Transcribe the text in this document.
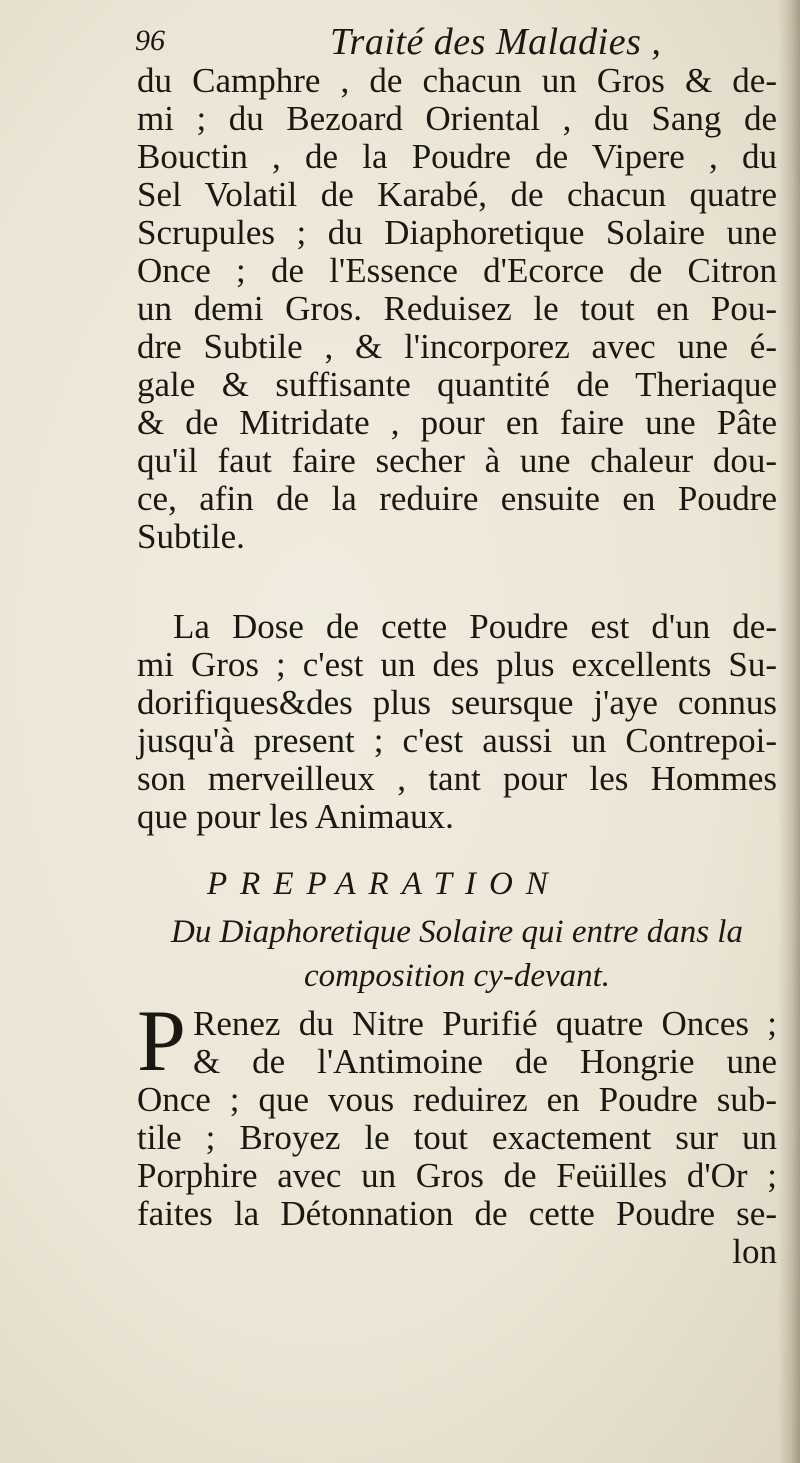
96	Traité des Maladies ,
du Camphre , de chacun un Gros & de-
mi ; du Bezoard Oriental , du Sang de
Bouctin , de la Poudre de Vipere , du
Sel Volatil de Karabé, de chacun quatre
Scrupules ; du Diaphoretique Solaire une
Once ; de l'Essence d'Ecorce de Citron
un demi Gros. Reduisez le tout en Pou-
dre Subtile , & l'incorporez avec une é-
gale & suffisante quantité de Theriaque
& de Mitridate , pour en faire une Pâte
qu'il faut faire secher à une chaleur dou-
ce, afin de la reduire ensuite en Poudre
Subtile.
La Dose de cette Poudre est d'un de-
mi Gros ; c'est un des plus excellents Su-
dorifiques&des plus seursque j'aye connus
jusqu'à present ; c'est aussi un Contrepoi-
son merveilleux , tant pour les Hommes
que pour les Animaux.
PREPARATION
Du Diaphoretique Solaire qui entre dans la
composition cy-devant.
P Renez du Nitre Purifié quatre Onces ;
& de l'Antimoine de Hongrie une
Once ; que vous reduirez en Poudre sub-
tile ; Broyez le tout exactement sur un
Porphire avec un Gros de Feüilles d'Or ;
faites la Détonnation de cette Poudre se-
lon
